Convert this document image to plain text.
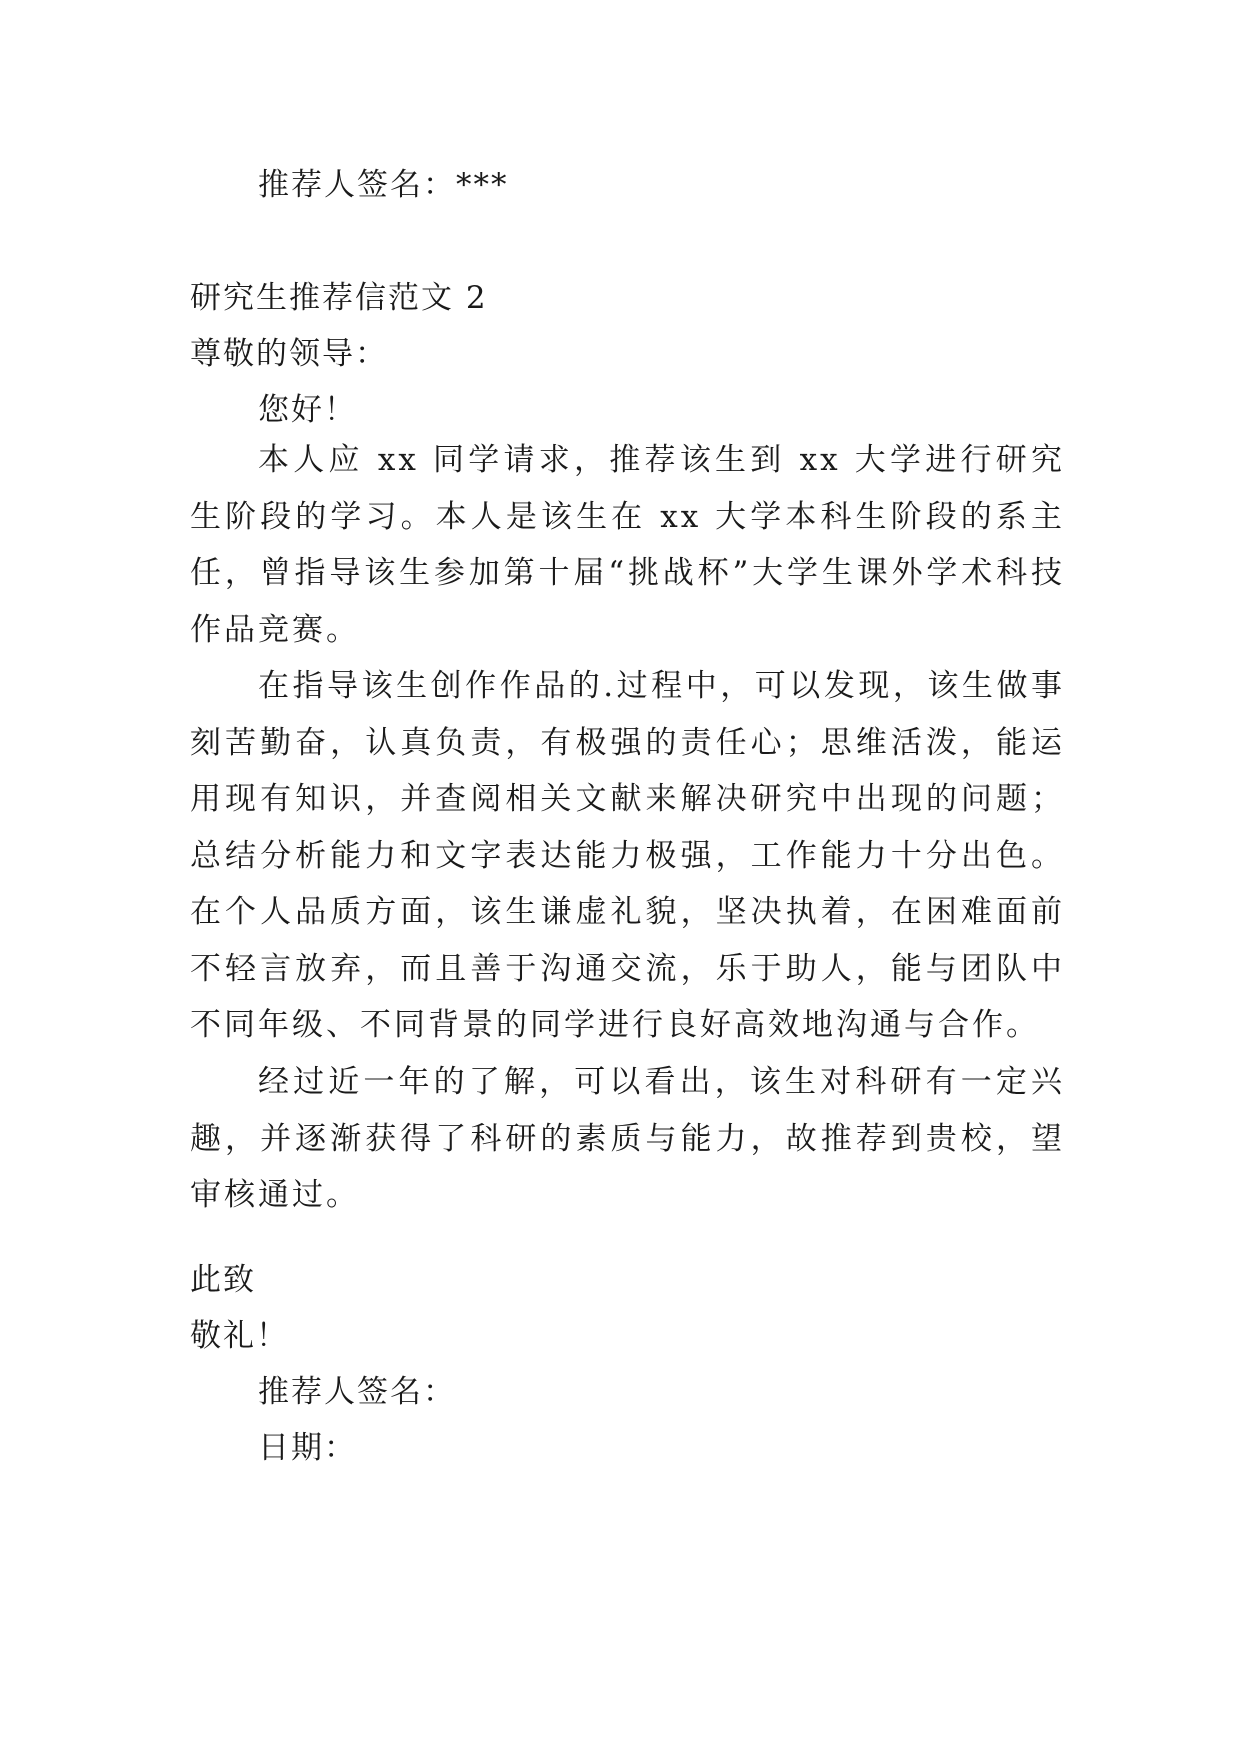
推荐人签名：***
研究生推荐信范文 2
尊敬的领导：
您好！

本人应 xx 同学请求，推荐该生到 xx 大学进行研究生阶段的学习。本人是该生在 xx 大学本科生阶段的系主任，曾指导该生参加第十届“挑战杯”大学生课外学术科技作品竞赛。

在指导该生创作作品的.过程中，可以发现，该生做事刻苦勤奋，认真负责，有极强的责任心；思维活泼，能运用现有知识，并查阅相关文献来解决研究中出现的问题；总结分析能力和文字表达能力极强，工作能力十分出色。在个人品质方面，该生谦虚礼貌，坚决执着，在困难面前不轻言放弃，而且善于沟通交流，乐于助人，能与团队中不同年级、不同背景的同学进行良好高效地沟通与合作。

经过近一年的了解，可以看出，该生对科研有一定兴趣，并逐渐获得了科研的素质与能力，故推荐到贵校，望审核通过。

此致
敬礼！
推荐人签名：
日期：
